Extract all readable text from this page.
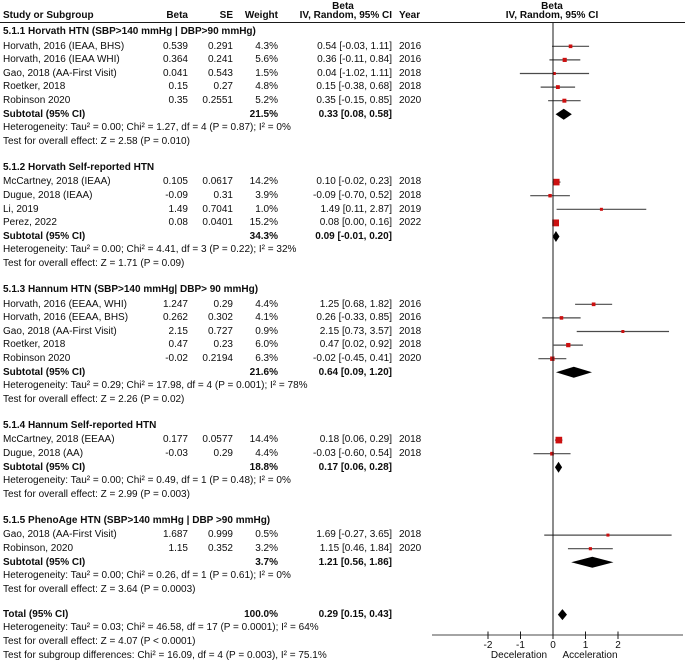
Beta	Beta
Study or Subgroup	Beta	SE	Weight	IV, Random, 95% CI Year	IV, Random, 95% CI
5.1.1 Horvath HTN (SBP>140 mmHg | DBP>90 mmHg)
Horvath, 2016 (IEAA, BHS)	0.539	0.291	4.3%	0.54 [-0.03, 1.11] 2016
Horvath, 2016 (IEAA WHI)	0.364	0.241	5.6%	0.36 [-0.11, 0.84] 2016
Gao, 2018 (AA-First Visit)	0.041	0.543	1.5%	0.04 [-1.02, 1.11] 2018
Roetker, 2018	0.15	0.27	4.8%	0.15 [-0.38, 0.68] 2018
Robinson 2020	0.35	0.2551	5.2%	0.35 [-0.15, 0.85] 2020
Subtotal (95% CI)	21.5%	0.33 [0.08, 0.58]
Heterogeneity: Tau² = 0.00; Chi² = 1.27, df = 4 (P = 0.87); I² = 0%
Test for overall effect: Z = 2.58 (P = 0.010)
5.1.2 Horvath Self-reported HTN
McCartney, 2018 (IEAA)	0.105	0.0617	14.2%	0.10 [-0.02, 0.23] 2018
Dugue, 2018 (IEAA)	-0.09	0.31	3.9%	-0.09 [-0.70, 0.52] 2018
Li, 2019	1.49	0.7041	1.0%	1.49 [0.11, 2.87] 2019
Perez, 2022	0.08	0.0401	15.2%	0.08 [0.00, 0.16] 2022
Subtotal (95% CI)	34.3%	0.09 [-0.01, 0.20]
Heterogeneity: Tau² = 0.00; Chi² = 4.41, df = 3 (P = 0.22); I² = 32%
Test for overall effect: Z = 1.71 (P = 0.09)
5.1.3 Hannum HTN (SBP>140 mmHg| DBP> 90 mmHg)
Horvath, 2016 (EEAA, WHI)	1.247	0.29	4.4%	1.25 [0.68, 1.82] 2016
Horvath, 2016 (EEAA, BHS)	0.262	0.302	4.1%	0.26 [-0.33, 0.85] 2016
Gao, 2018 (AA-First Visit)	2.15	0.727	0.9%	2.15 [0.73, 3.57] 2018
Roetker, 2018	0.47	0.23	6.0%	0.47 [0.02, 0.92] 2018
Robinson 2020	-0.02	0.2194	6.3%	-0.02 [-0.45, 0.41] 2020
Subtotal (95% CI)	21.6%	0.64 [0.09, 1.20]
Heterogeneity: Tau² = 0.29; Chi² = 17.98, df = 4 (P = 0.001); I² = 78%
Test for overall effect: Z = 2.26 (P = 0.02)
5.1.4 Hannum Self-reported HTN
McCartney, 2018 (EEAA)	0.177	0.0577	14.4%	0.18 [0.06, 0.29] 2018
Dugue, 2018 (AA)	-0.03	0.29	4.4%	-0.03 [-0.60, 0.54] 2018
Subtotal (95% CI)	18.8%	0.17 [0.06, 0.28]
Heterogeneity: Tau² = 0.00; Chi² = 0.49, df = 1 (P = 0.48); I² = 0%
Test for overall effect: Z = 2.99 (P = 0.003)
5.1.5 PhenoAge HTN (SBP>140 mmHg | DBP >90 mmHg)
Gao, 2018 (AA-First Visit)	1.687	0.999	0.5%	1.69 [-0.27, 3.65] 2018
Robinson, 2020	1.15	0.352	3.2%	1.15 [0.46, 1.84] 2020
Subtotal (95% CI)	3.7%	1.21 [0.56, 1.86]
Heterogeneity: Tau² = 0.00; Chi² = 0.26, df = 1 (P = 0.61); I² = 0%
Test for overall effect: Z = 3.64 (P = 0.0003)
Total (95% CI)	100.0%	0.29 [0.15, 0.43]
Heterogeneity: Tau² = 0.03; Chi² = 46.58, df = 17 (P = 0.0001); I² = 64%
Test for overall effect: Z = 4.07 (P < 0.0001)
Test for subgroup differences: Chi² = 16.09, df = 4 (P = 0.003), I² = 75.1%
-2	-1	0	1	2
Deceleration	Acceleration
